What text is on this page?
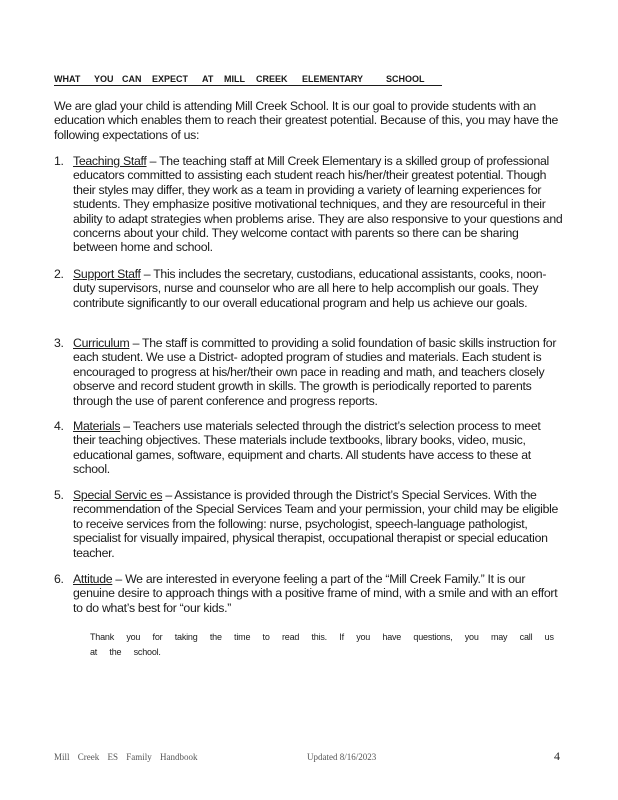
WHAT YOU CAN EXPECT AT MILL CREEK ELEMENTARY	SCHOOL

We are glad your child is attending Mill Creek School. It is our goal to provide students with an education which enables them to reach their greatest potential. Because of this, you may have the following expectations of us:

1. Teaching Staff – The teaching staff at Mill Creek Elementary is a skilled group of professional educators committed to assisting each student reach his/her/their greatest potential. Though their styles may differ, they work as a team in providing a variety of learning experiences for students. They emphasize positive motivational techniques, and they are resourceful in their ability to adapt strategies when problems arise. They are also responsive to your questions and concerns about your child. They welcome contact with parents so there can be sharing between home and school.
2. Support Staff – This includes the secretary, custodians, educational assistants, cooks, noon-duty supervisors, nurse and counselor who are all here to help accomplish our goals. They contribute significantly to our overall educational program and help us achieve our goals.
3. Curriculum – The staff is committed to providing a solid foundation of basic skills instruction for each student. We use a District- adopted program of studies and materials. Each student is encouraged to progress at his/her/their own pace in reading and math, and teachers closely observe and record student growth in skills. The growth is periodically reported to parents through the use of parent conference and progress reports.
4. Materials – Teachers use materials selected through the district’s selection process to meet their teaching objectives. These materials include textbooks, library books, video, music, educational games, software, equipment and charts. All students have access to these at school.
5. Special Servic es – Assistance is provided through the District’s Special Services. With the recommendation of the Special Services Team and your permission, your child may be eligible to receive services from the following: nurse, psychologist, speech-language pathologist, specialist for visually impaired, physical therapist, occupational therapist or special education teacher.
6. Attitude – We are interested in everyone feeling a part of the “Mill Creek Family.” It is our genuine desire to approach things with a positive frame of mind, with a smile and with an effort to do what’s best for “our kids.”

Thank you for taking the time to read this. If you have questions, you may call us at the school.

Mill Creek ES Family Handbook	Updated 8/16/2023	4
